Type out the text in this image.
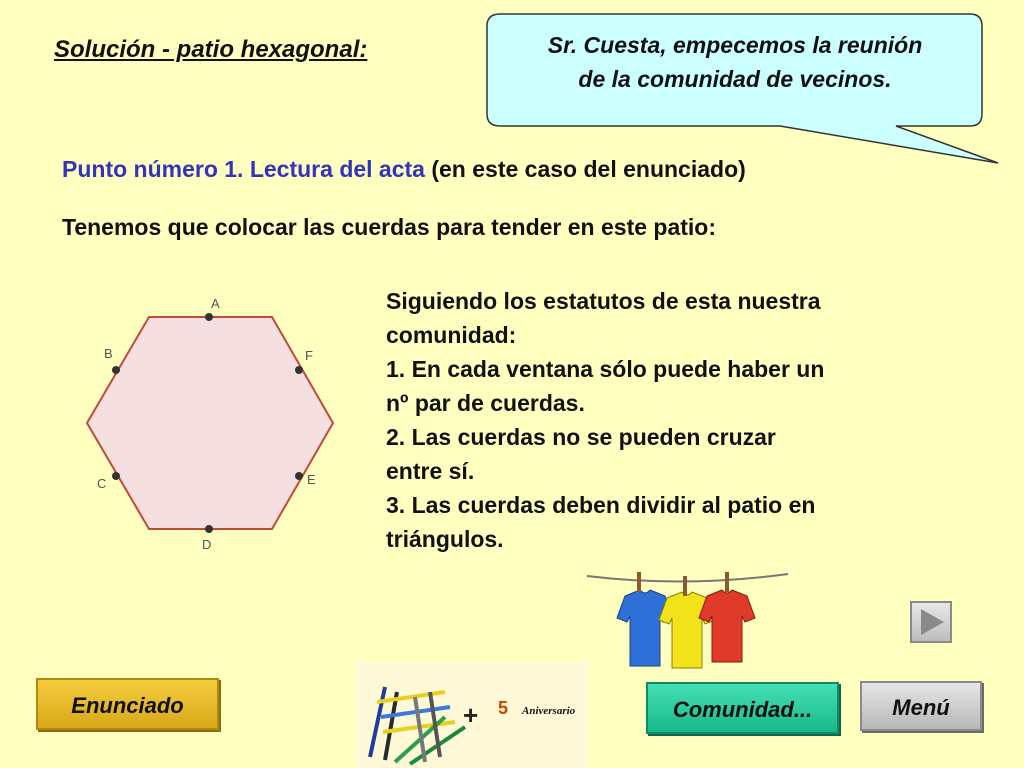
Solución - patio hexagonal:	Sr. Cuesta, empecemos la reunión
de la comunidad de vecinos.
Punto número 1. Lectura del acta (en este caso del enunciado)
Tenemos que colocar las cuerdas para tender en este patio:
A
B
C
D
E
F
Siguiendo los estatutos de esta nuestra
comunidad:
1. En cada ventana sólo puede haber un
nº par de cuerdas.
2. Las cuerdas no se pueden cruzar
entre sí.
3. Las cuerdas deben dividir al patio en
triángulos.
+ 5 Aniversario
Enunciado	Comunidad...	Menú
